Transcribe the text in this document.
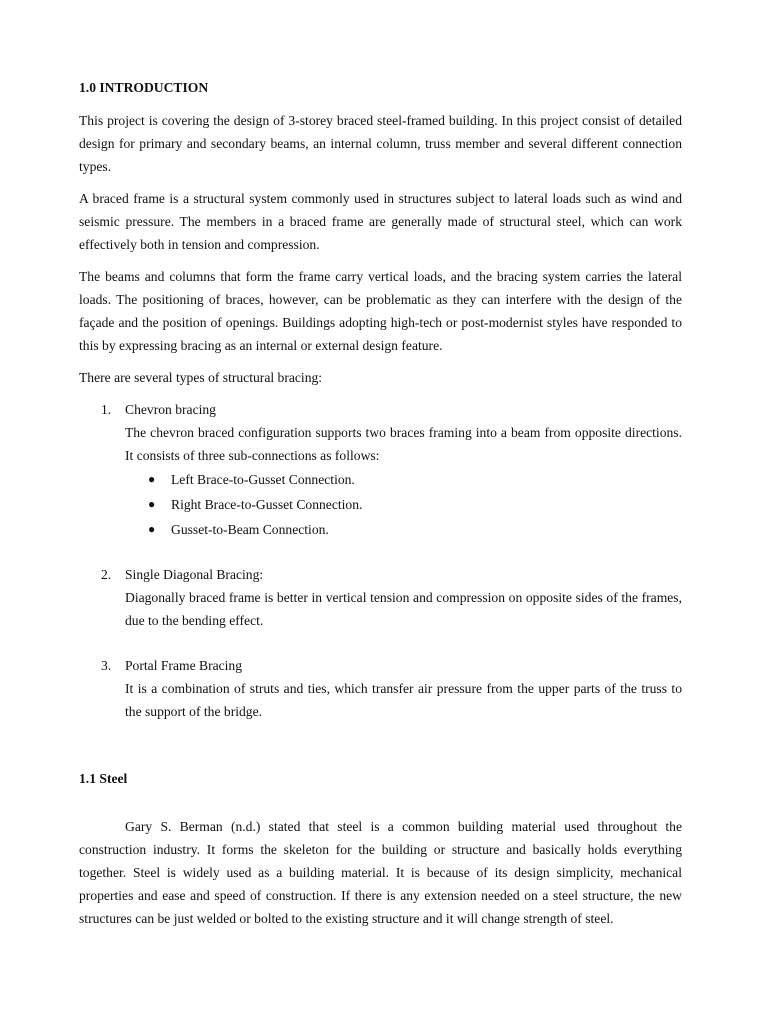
1.0 INTRODUCTION

This project is covering the design of 3-storey braced steel-framed building. In this project consist of detailed design for primary and secondary beams, an internal column, truss member and several different connection types.

A braced frame is a structural system commonly used in structures subject to lateral loads such as wind and seismic pressure. The members in a braced frame are generally made of structural steel, which can work effectively both in tension and compression.

The beams and columns that form the frame carry vertical loads, and the bracing system carries the lateral loads. The positioning of braces, however, can be problematic as they can interfere with the design of the façade and the position of openings. Buildings adopting high-tech or post-modernist styles have responded to this by expressing bracing as an internal or external design feature.

There are several types of structural bracing:

1. Chevron bracing

The chevron braced configuration supports two braces framing into a beam from opposite directions. It consists of three sub-connections as follows:

● Left Brace-to-Gusset Connection.
● Right Brace-to-Gusset Connection.
● Gusset-to-Beam Connection.
2. Single Diagonal Bracing:

Diagonally braced frame is better in vertical tension and compression on opposite sides of the frames, due to the bending effect.

3. Portal Frame Bracing

It is a combination of struts and ties, which transfer air pressure from the upper parts of the truss to the support of the bridge.

1.1 Steel

Gary S. Berman (n.d.) stated that steel is a common building material used throughout the construction industry. It forms the skeleton for the building or structure and basically holds everything together. Steel is widely used as a building material. It is because of its design simplicity, mechanical properties and ease and speed of construction. If there is any extension needed on a steel structure, the new structures can be just welded or bolted to the existing structure and it will change strength of steel.
